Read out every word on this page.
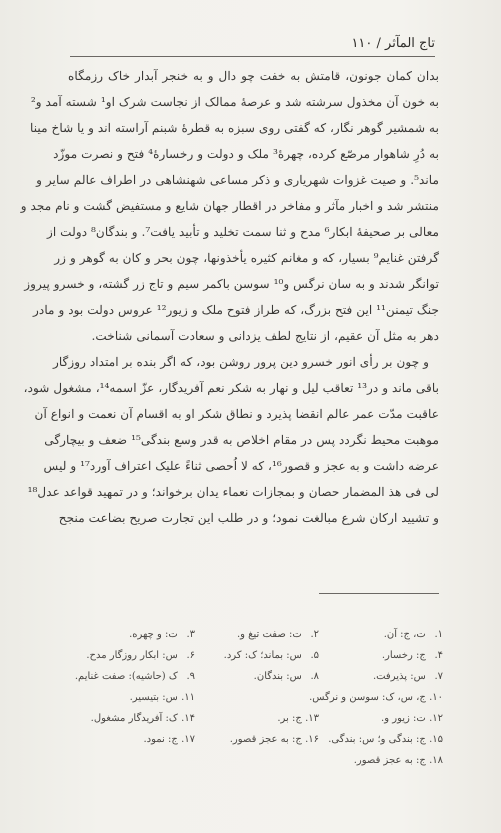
تاج المآثر / ۱۱۰
بدان کمان جونون، قامتش به خفت چو دال و به خنجر آبدار خاک رزمگاه
به خون آن مخذول سرشته شد و عرصهٔ ممالک از نجاست شرک او¹ شسته آمد و²
به شمشیر گوهر نگار، که گفتی روی سبزه به قطرهٔ شبنم آراسته اند و یا شاخ مینا
به دُرِ شاهوار مرصّع کرده، چهرهٔ³ ملک و دولت و رخسارهٔ⁴ فتح و نصرت موزّد
ماند⁵. و صیت غزوات شهریاری و ذکر مساعی شهنشاهی در اطراف عالم سایر و
منتشر شد و اخبار مآثر و مفاخر در اقطار جهان شایع و مستفیض گشت و نام مجد و
معالی بر صحیفهٔ ابکار⁶ مدح و ثنا سمت تخلید و تأبید یافت⁷. و بندگان⁸ دولت از
گرفتن غنایم⁹ بسیار، که و مغانم کثیره یأخذونها، چون بحر و کان به گوهر و زر
توانگر شدند و به سان نرگس و¹⁰ سوسن باکمر سیم و تاج زر گشته، و خسرو پیروز
جنگ تیمنن¹¹ این فتح بزرگ، که طراز فتوح ملک و زیور¹² عروس دولت بود و مادر
دهر به مثل آن عقیم، از نتایج لطف یزدانی و سعادت آسمانی شناخت.
و چون بر رأی انور خسرو دین پرور روشن بود، که اگر بنده بر امتداد روزگار
باقی ماند و در¹³ تعاقب لیل و نهار به شکر نعم آفریدگار، عزّ اسمه¹⁴، مشغول شود،
عاقبت مدّت عمر عالم انقضا پذیرد و نطاق شکر او به اقسام آن نعمت و انواع آن
موهبت محیط نگردد پس در مقام اخلاص به قدر وسع بندگی¹⁵ ضعف و بیچارگی
عرضه داشت و به عجز و قصور¹⁶، که لا اُحصی ثناءً علیک اعتراف آورد¹⁷ و لیس
لی فی هذ المضمار حصان و بمجازات نعماء یدان برخواند؛ و در تمهید قواعد عدل¹⁸
و تشیید ارکان شرع مبالغت نمود؛ و در طلب این تجارت صریح بضاعت منجح
۱. ت، ج: آن.
۲. ت: صفت تیغ و.
۳. ت: و چهره.
۴. ج: رخسار.
۵. س: بماند؛ ک: کرد.
۶. س: ابکار روزگار مدح.
۷. س: پذیرفت.
۸. س: بندگان.
۹. ک (حاشیه): صفت غنایم.
۱۰. ج، س، ک: سوسن و نرگس.
۱۱. س: بتیسیر.
۱۲. ت: زیور و.
۱۳. ج: بر.
۱۴. ک: آفریدگار مشغول.
۱۵. ج: بندگی و؛ س: بندگی.
۱۶. ج: به عجز قصور.
۱۷. ج: نمود.
۱۸. ج: به عجز قصور.
